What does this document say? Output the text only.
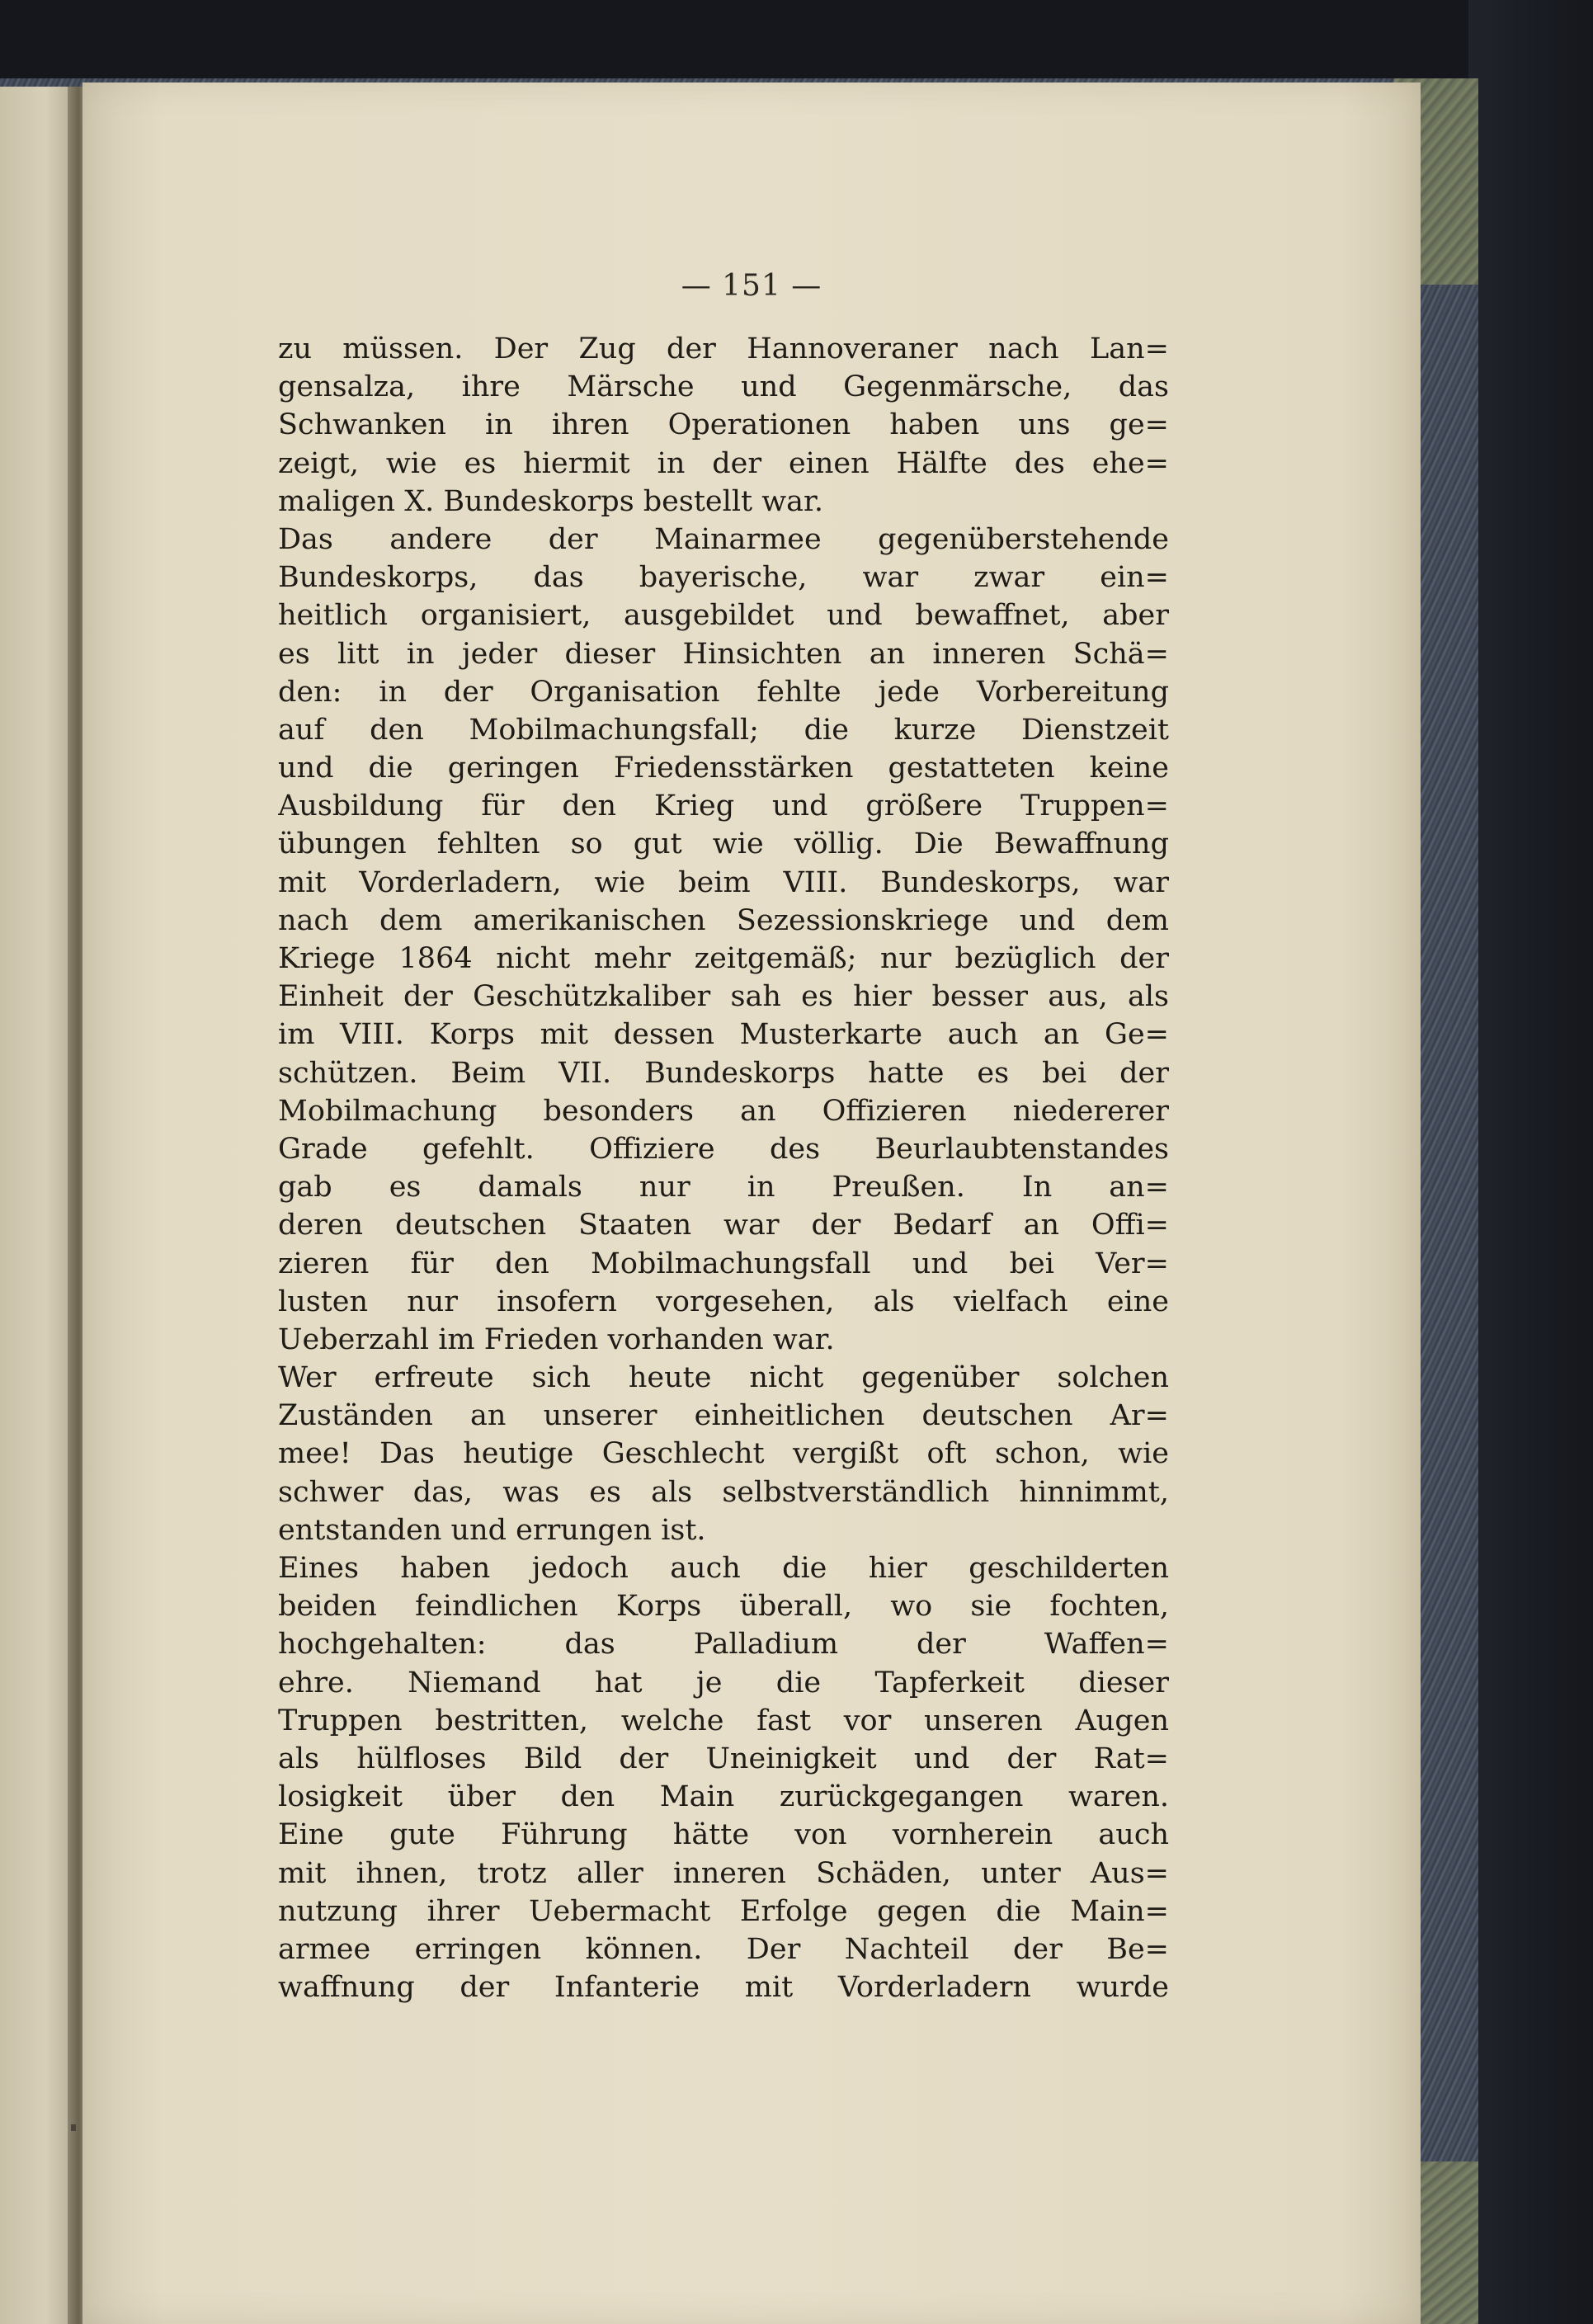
— 151 —
zu müssen. Der Zug der Hannoveraner nach Lan=
gensalza, ihre Märsche und Gegenmärsche, das
Schwanken in ihren Operationen haben uns ge=
zeigt, wie es hiermit in der einen Hälfte des ehe=
maligen X. Bundeskorps bestellt war.
Das andere der Mainarmee gegenüberstehende
Bundeskorps, das bayerische, war zwar ein=
heitlich organisiert, ausgebildet und bewaffnet, aber
es litt in jeder dieser Hinsichten an inneren Schä=
den: in der Organisation fehlte jede Vorbereitung
auf den Mobilmachungsfall; die kurze Dienstzeit
und die geringen Friedensstärken gestatteten keine
Ausbildung für den Krieg und größere Truppen=
übungen fehlten so gut wie völlig. Die Bewaffnung
mit Vorderladern, wie beim VIII. Bundeskorps, war
nach dem amerikanischen Sezessionskriege und dem
Kriege 1864 nicht mehr zeitgemäß; nur bezüglich der
Einheit der Geschützkaliber sah es hier besser aus, als
im VIII. Korps mit dessen Musterkarte auch an Ge=
schützen. Beim VII. Bundeskorps hatte es bei der
Mobilmachung besonders an Offizieren niedererer
Grade gefehlt. Offiziere des Beurlaubtenstandes
gab es damals nur in Preußen. In an=
deren deutschen Staaten war der Bedarf an Offi=
zieren für den Mobilmachungsfall und bei Ver=
lusten nur insofern vorgesehen, als vielfach eine
Ueberzahl im Frieden vorhanden war.
Wer erfreute sich heute nicht gegenüber solchen
Zuständen an unserer einheitlichen deutschen Ar=
mee! Das heutige Geschlecht vergißt oft schon, wie
schwer das, was es als selbstverständlich hinnimmt,
entstanden und errungen ist.
Eines haben jedoch auch die hier geschilderten
beiden feindlichen Korps überall, wo sie fochten,
hochgehalten: das Palladium der Waffen=
ehre. Niemand hat je die Tapferkeit dieser
Truppen bestritten, welche fast vor unseren Augen
als hülfloses Bild der Uneinigkeit und der Rat=
losigkeit über den Main zurückgegangen waren.
Eine gute Führung hätte von vornherein auch
mit ihnen, trotz aller inneren Schäden, unter Aus=
nutzung ihrer Uebermacht Erfolge gegen die Main=
armee erringen können. Der Nachteil der Be=
waffnung der Infanterie mit Vorderladern wurde
